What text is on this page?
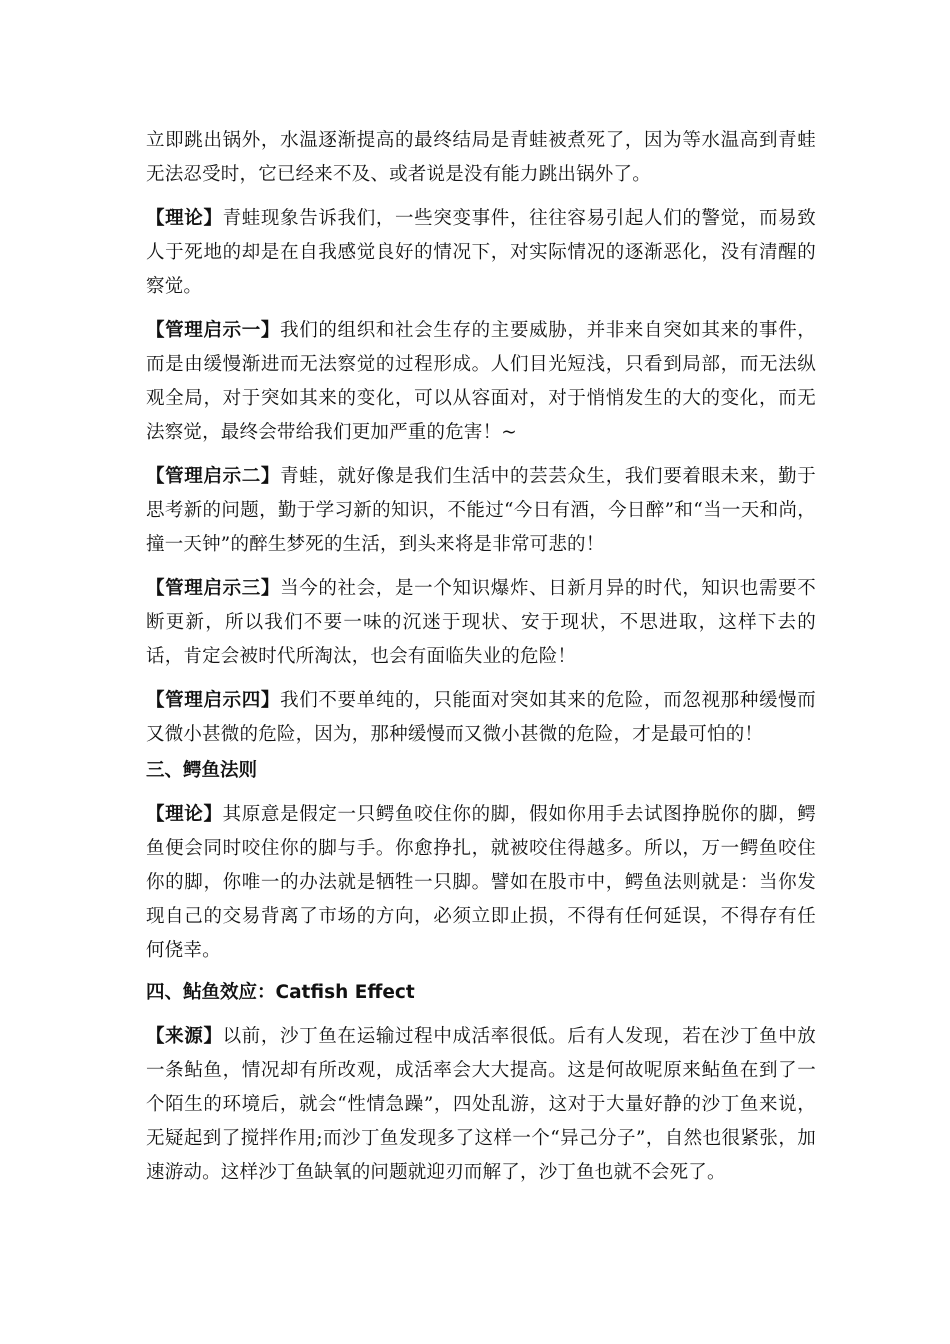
立即跳出锅外，水温逐渐提高的最终结局是青蛙被煮死了，因为等水温高到青蛙无法忍受时，它已经来不及、或者说是没有能力跳出锅外了。

【理论】青蛙现象告诉我们，一些突变事件，往往容易引起人们的警觉，而易致人于死地的却是在自我感觉良好的情况下，对实际情况的逐渐恶化，没有清醒的察觉。

【管理启示一】我们的组织和社会生存的主要威胁，并非来自突如其来的事件，而是由缓慢渐进而无法察觉的过程形成。人们目光短浅，只看到局部，而无法纵观全局，对于突如其来的变化，可以从容面对，对于悄悄发生的大的变化，而无法察觉，最终会带给我们更加严重的危害！~

【管理启示二】青蛙，就好像是我们生活中的芸芸众生，我们要着眼未来，勤于思考新的问题，勤于学习新的知识，不能过“今日有酒，今日醉”和“当一天和尚，撞一天钟”的醉生梦死的生活，到头来将是非常可悲的！

【管理启示三】当今的社会，是一个知识爆炸、日新月异的时代，知识也需要不断更新，所以我们不要一味的沉迷于现状、安于现状，不思进取，这样下去的话，肯定会被时代所淘汰，也会有面临失业的危险！

【管理启示四】我们不要单纯的，只能面对突如其来的危险，而忽视那种缓慢而又微小甚微的危险，因为，那种缓慢而又微小甚微的危险，才是最可怕的！

三、鳄鱼法则

【理论】其原意是假定一只鳄鱼咬住你的脚，假如你用手去试图挣脱你的脚，鳄鱼便会同时咬住你的脚与手。你愈挣扎，就被咬住得越多。所以，万一鳄鱼咬住你的脚，你唯一的办法就是牺牲一只脚。譬如在股市中，鳄鱼法则就是：当你发现自己的交易背离了市场的方向，必须立即止损，不得有任何延误，不得存有任何侥幸。

四、鲇鱼效应：Catfish Effect

【来源】以前，沙丁鱼在运输过程中成活率很低。后有人发现，若在沙丁鱼中放一条鲇鱼，情况却有所改观，成活率会大大提高。这是何故呢原来鲇鱼在到了一个陌生的环境后，就会“性情急躁”，四处乱游，这对于大量好静的沙丁鱼来说，无疑起到了搅拌作用;而沙丁鱼发现多了这样一个“异己分子”，自然也很紧张，加速游动。这样沙丁鱼缺氧的问题就迎刃而解了，沙丁鱼也就不会死了。
